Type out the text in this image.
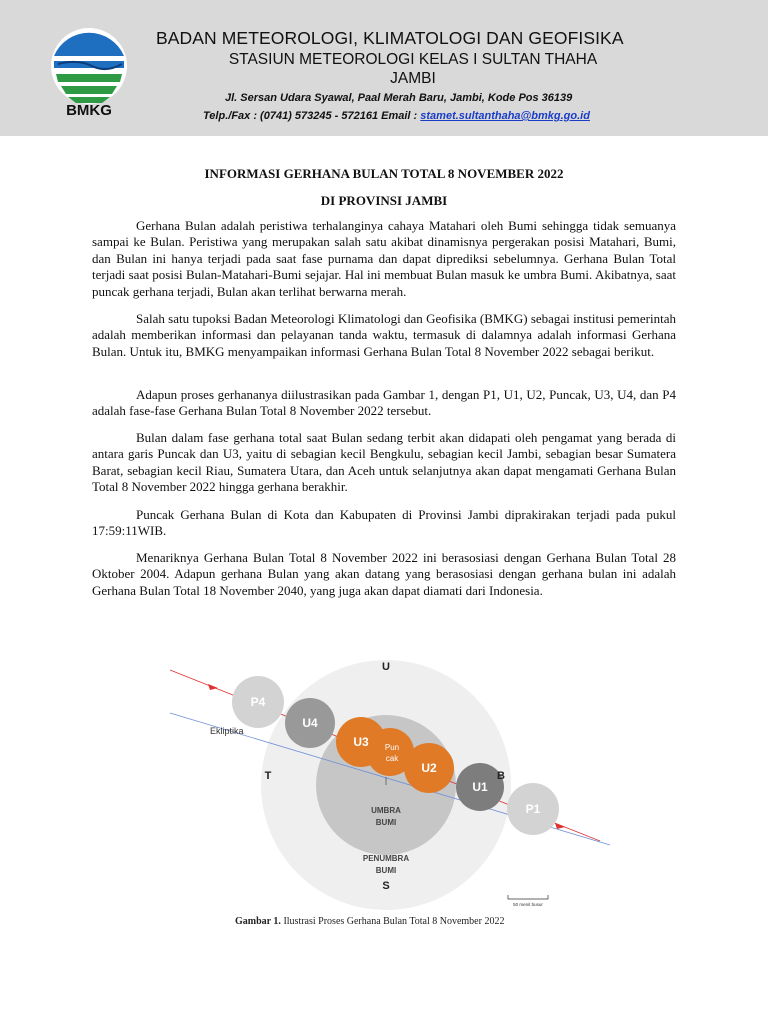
BMKG
BADAN METEOROLOGI, KLIMATOLOGI DAN GEOFISIKA
STASIUN METEOROLOGI KELAS I SULTAN THAHA
JAMBI
Jl. Sersan Udara Syawal, Paal Merah Baru, Jambi, Kode Pos 36139
Telp./Fax : (0741) 573245 - 572161 Email : stamet.sultanthaha@bmkg.go.id
INFORMASI GERHANA BULAN TOTAL 8 NOVEMBER 2022
DI PROVINSI JAMBI

Gerhana Bulan adalah peristiwa terhalanginya cahaya Matahari oleh Bumi sehingga tidak semuanya sampai ke Bulan. Peristiwa yang merupakan salah satu akibat dinamisnya pergerakan posisi Matahari, Bumi, dan Bulan ini hanya terjadi pada saat fase purnama dan dapat diprediksi sebelumnya. Gerhana Bulan Total terjadi saat posisi Bulan-Matahari-Bumi sejajar. Hal ini membuat Bulan masuk ke umbra Bumi. Akibatnya, saat puncak gerhana terjadi, Bulan akan terlihat berwarna merah.

Salah satu tupoksi Badan Meteorologi Klimatologi dan Geofisika (BMKG) sebagai institusi pemerintah adalah memberikan informasi dan pelayanan tanda waktu, termasuk di dalamnya adalah informasi Gerhana Bulan. Untuk itu, BMKG menyampaikan informasi Gerhana Bulan Total 8 November 2022 sebagai berikut.

Adapun proses gerhananya diilustrasikan pada Gambar 1, dengan P1, U1, U2, Puncak, U3, U4, dan P4 adalah fase-fase Gerhana Bulan Total 8 November 2022 tersebut.

Bulan dalam fase gerhana total saat Bulan sedang terbit akan didapati oleh pengamat yang berada di antara garis Puncak dan U3, yaitu di sebagian kecil Bengkulu, sebagian kecil Jambi, sebagian besar Sumatera Barat, sebagian kecil Riau, Sumatera Utara, dan Aceh untuk selanjutnya akan dapat mengamati Gerhana Bulan Total 8 November 2022 hingga gerhana berakhir.

Puncak Gerhana Bulan di Kota dan Kabupaten di Provinsi Jambi diprakirakan terjadi pada pukul 17:59:11WIB.

Menariknya Gerhana Bulan Total 8 November 2022 ini berasosiasi dengan Gerhana Bulan Total 28 Oktober 2004. Adapun gerhana Bulan yang akan datang yang berasosiasi dengan gerhana bulan ini adalah Gerhana Bulan Total 18 November 2040, yang juga akan dapat diamati dari Indonesia.

P4
U4
U3
U2
U1
P1
Pun
cak
U
S
T	B
Ekliptika
UMBRA
BUMI
PENUMBRA
BUMI
50 menit busur
Gambar 1. Ilustrasi Proses Gerhana Bulan Total 8 November 2022
